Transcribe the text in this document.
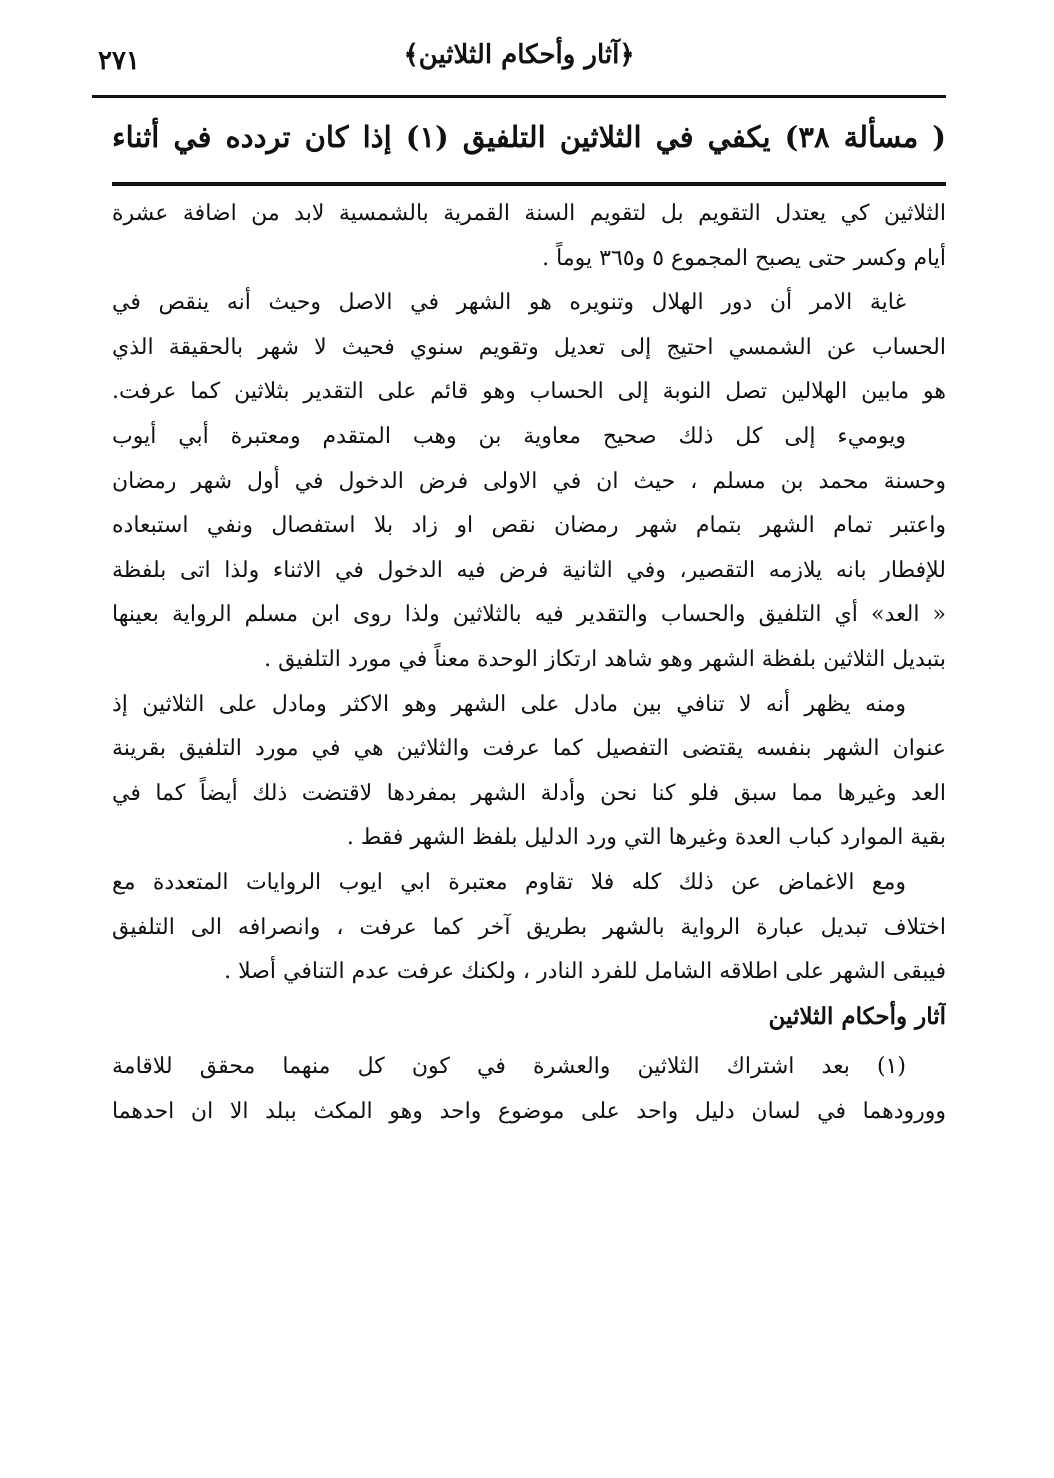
﴿آثار وأحكام الثلاثين﴾
٢٧١
( مسألة ٣٨) يكفي في الثلاثين التلفيق (١) إذا كان تردده في أثناء
الثلاثين كي يعتدل التقويم بل لتقويم السنة القمرية بالشمسية لابد من اضافة عشرة
أيام وكسر حتى يصبح المجموع ٥ و٣٦٥ يوماً .
غاية الامر أن دور الهلال وتنويره هو الشهر في الاصل وحيث أنه ينقص في
الحساب عن الشمسي احتيج إلى تعديل وتقويم سنوي فحيث لا شهر بالحقيقة الذي
هو مابين الهلالين تصل النوبة إلى الحساب وهو قائم على التقدير بثلاثين كما عرفت.
ويوميء إلى كل ذلك صحيح معاوية بن وهب المتقدم ومعتبرة أبي أيوب
وحسنة محمد بن مسلم ، حيث ان في الاولى فرض الدخول في أول شهر رمضان
واعتبر تمام الشهر بتمام شهر رمضان نقص او زاد بلا استفصال ونفي استبعاده
للإفطار بانه يلازمه التقصير، وفي الثانية فرض فيه الدخول في الاثناء ولذا اتى بلفظة
« العد» أي التلفيق والحساب والتقدير فيه بالثلاثين ولذا روى ابن مسلم الرواية بعينها
بتبديل الثلاثين بلفظة الشهر وهو شاهد ارتكاز الوحدة معناً في مورد التلفيق .
ومنه يظهر أنه لا تنافي بين مادل على الشهر وهو الاكثر ومادل على الثلاثين إذ
عنوان الشهر بنفسه يقتضى التفصيل كما عرفت والثلاثين هي في مورد التلفيق بقرينة
العد وغيرها مما سبق فلو كنا نحن وأدلة الشهر بمفردها لاقتضت ذلك أيضاً كما في
بقية الموارد كباب العدة وغيرها التي ورد الدليل بلفظ الشهر فقط .
ومع الاغماض عن ذلك كله فلا تقاوم معتبرة ابي ايوب الروايات المتعددة مع
اختلاف تبديل عبارة الرواية بالشهر بطريق آخر كما عرفت ، وانصرافه الى التلفيق
فيبقى الشهر على اطلاقه الشامل للفرد النادر ، ولكنك عرفت عدم التنافي أصلا .
آثار وأحكام الثلاثين
(١) بعد اشتراك الثلاثين والعشرة في كون كل منهما محقق للاقامة
وورودهما في لسان دليل واحد على موضوع واحد وهو المكث ببلد الا ان احدهما
